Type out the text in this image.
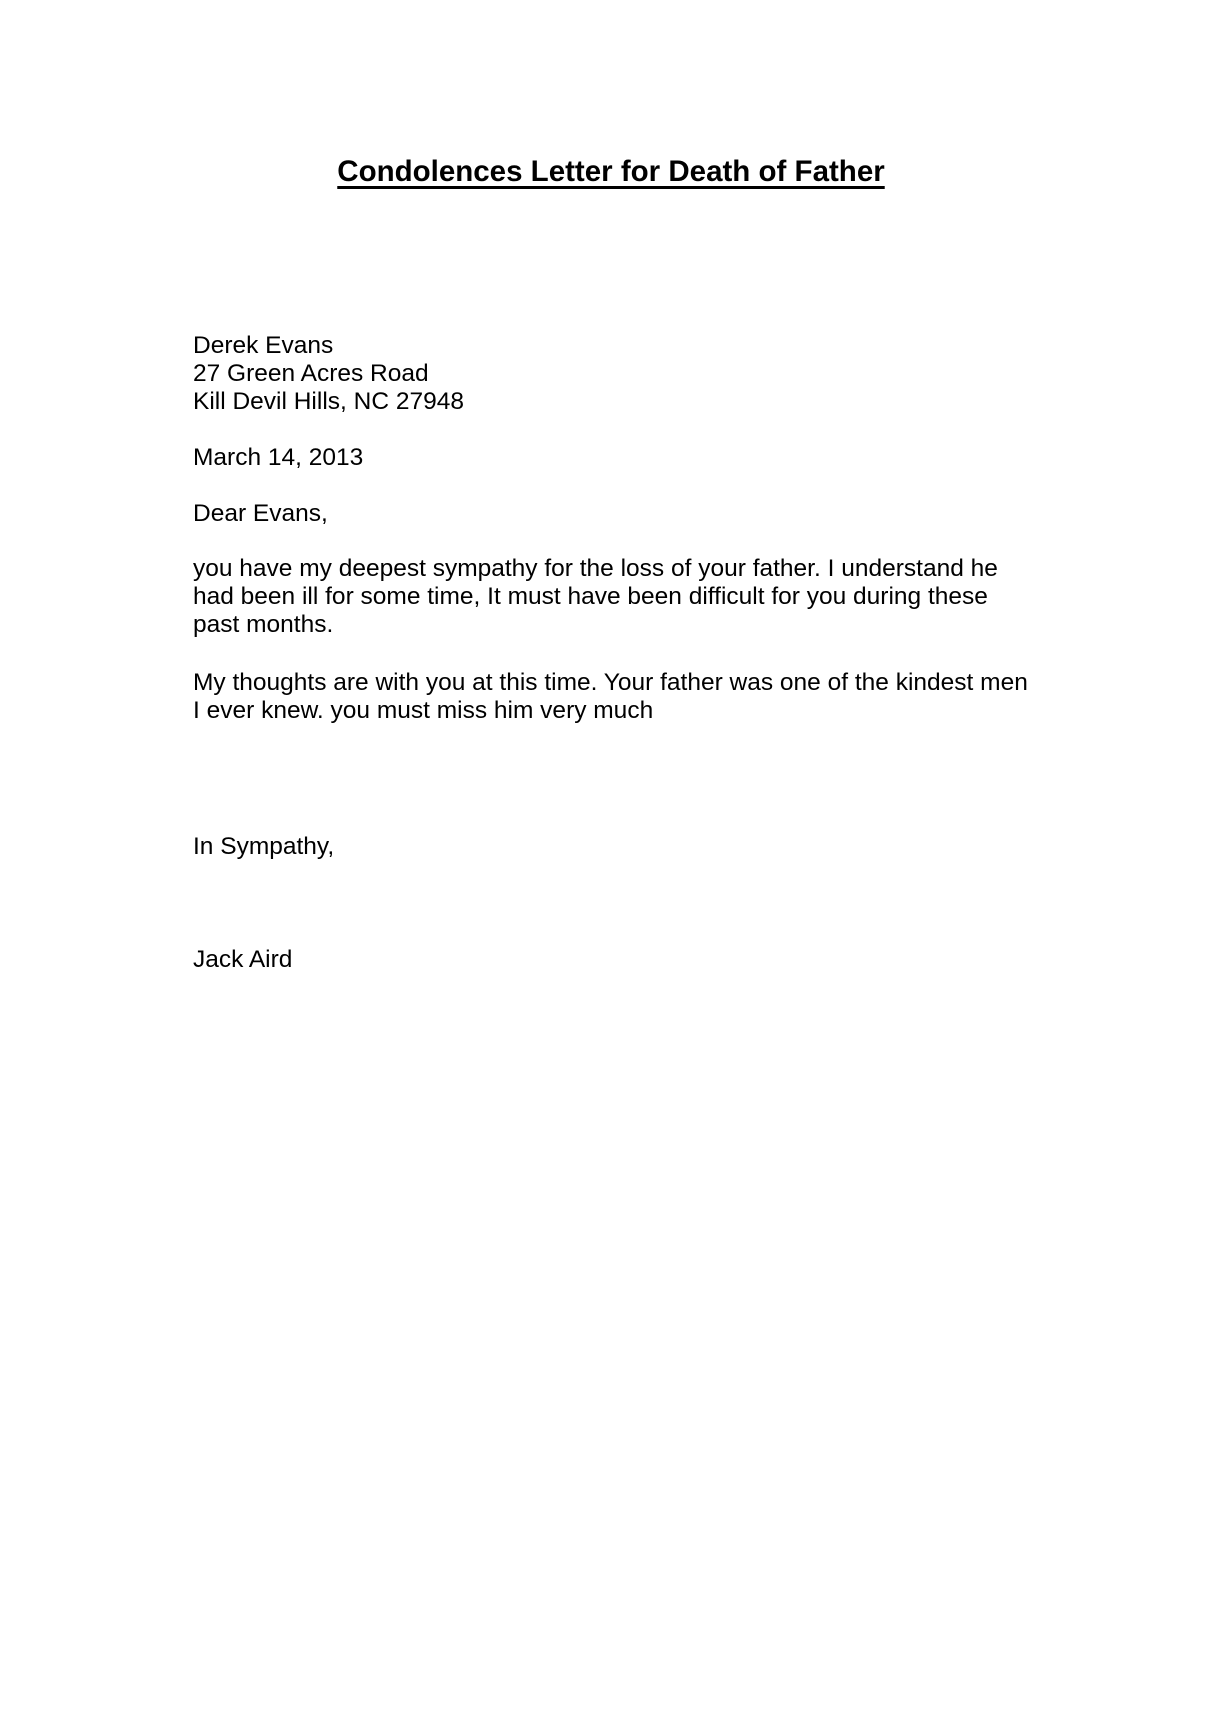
Condolences Letter for Death of Father

Derek Evans

27 Green Acres Road

Kill Devil Hills, NC 27948

March 14, 2013

Dear Evans,

you have my deepest sympathy for the loss of your father. I understand he

had been ill for some time, It must have been difficult for you during these

past months.

My thoughts are with you at this time. Your father was one of the kindest men

I ever knew. you must miss him very much

In Sympathy,

Jack Aird
